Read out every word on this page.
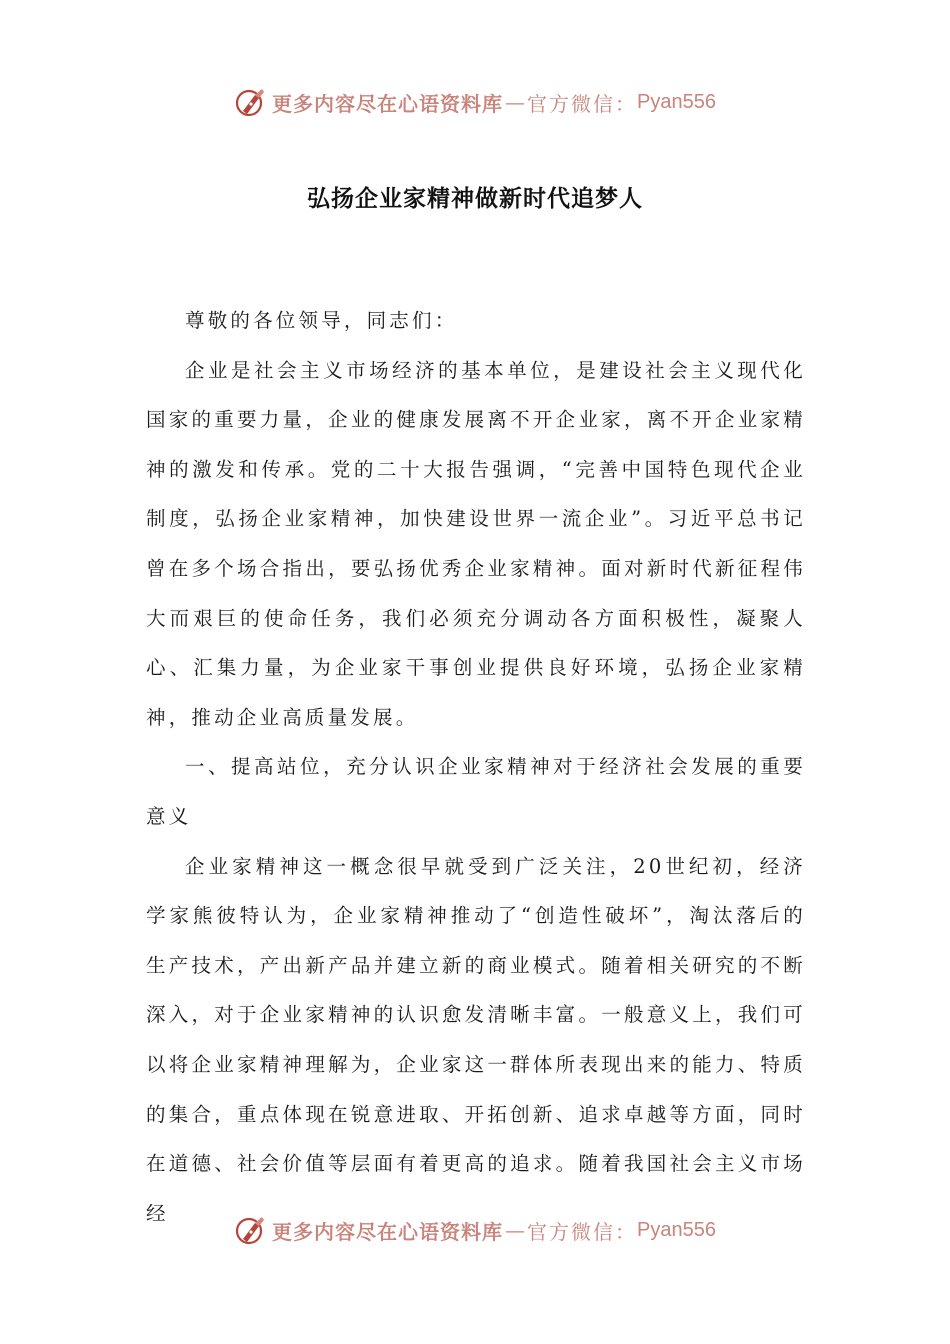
更多内容尽在心语资料库 — 官方微信： Pyan556
弘扬企业家精神做新时代追梦人

尊敬的各位领导，同志们：

企业是社会主义市场经济的基本单位，是建设社会主义现代化国家的重要力量，企业的健康发展离不开企业家，离不开企业家精神的激发和传承。党的二十大报告强调，“完善中国特色现代企业制度，弘扬企业家精神，加快建设世界一流企业”。习近平总书记曾在多个场合指出，要弘扬优秀企业家精神。面对新时代新征程伟大而艰巨的使命任务，我们必须充分调动各方面积极性，凝聚人心、汇集力量，为企业家干事创业提供良好环境，弘扬企业家精神，推动企业高质量发展。

一、提高站位，充分认识企业家精神对于经济社会发展的重要意义

企业家精神这一概念很早就受到广泛关注，20世纪初，经济学家熊彼特认为，企业家精神推动了“创造性破坏”，淘汰落后的生产技术，产出新产品并建立新的商业模式。随着相关研究的不断深入，对于企业家精神的认识愈发清晰丰富。一般意义上，我们可以将企业家精神理解为，企业家这一群体所表现出来的能力、特质的集合，重点体现在锐意进取、开拓创新、追求卓越等方面，同时在道德、社会价值等层面有着更高的追求。随着我国社会主义市场经

更多内容尽在心语资料库 — 官方微信： Pyan556
